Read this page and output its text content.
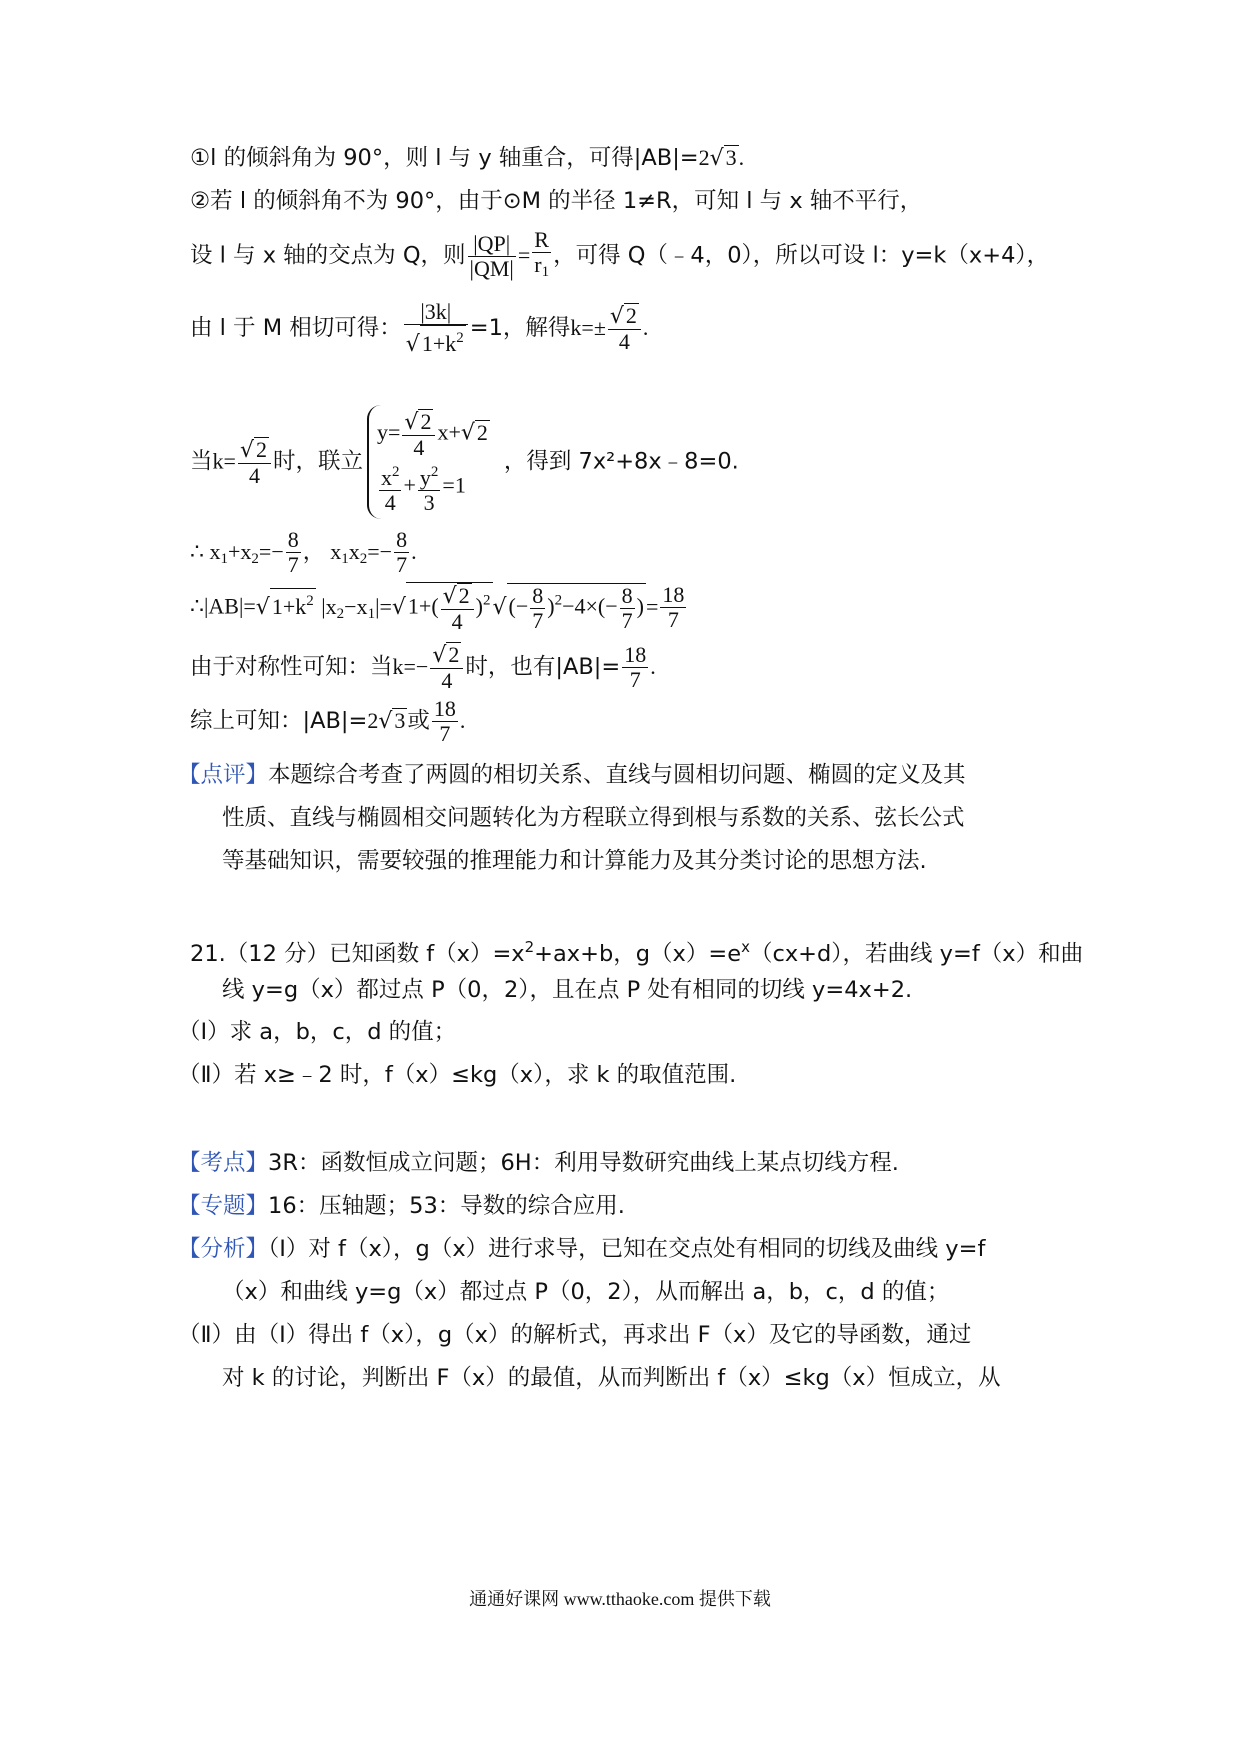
①l 的倾斜角为 90°，则 l 与 y 轴重合，可得|AB|=2√3.
②若 l 的倾斜角不为 90°，由于⊙M 的半径 1≠R，可知 l 与 x 轴不平行，
设 l 与 x 轴的交点为 Q，则 $\frac{|QP|}{|QM|} = \frac{R}{r_1}$ ，可得 Q（﹣4，0），所以可设 l：y=k（x+4），
由 l 于 M 相切可得： $\frac{|3k|}{√1+k^2} =1$，解得$k=\pm \frac{√2}{4}$ .
当$k= \frac{√2}{4}$ 时，联立
$y= \frac{√2}{4} x+√2$
$\frac{x^2}{4} + \frac{y^2}{3} =1$
，得到 7x²+8x﹣8=0.
∴ $x_1+x_2=- \frac{8}{7}$ ， $x_1x_2=- \frac{8}{7}$ .
$\therefore|AB|=√1+k^2$ $|x_2-x_1|=√1+( \frac{√2}{4} )^2√(- \frac{8}{7} )^2-4\times(- \frac{8}{7}$ )= $\frac{18}{7}$
由于对称性可知：当$k=- \frac{√2}{4}$ 时，也有$|AB|= \frac{18}{7}$ .
综上可知：|AB|=2√3或 $\frac{18}{7}$ .
【点评】本题综合考查了两圆的相切关系、直线与圆相切问题、椭圆的定义及其
性质、直线与椭圆相交问题转化为方程联立得到根与系数的关系、弦长公式
等基础知识，需要较强的推理能力和计算能力及其分类讨论的思想方法.
21.（12 分）已知函数 $f(x)=x^2+ax+b$，$g(x)=e^x(cx+d)$，若曲线 y=f（x）和曲
线 y=g（x）都过点 P（0，2），且在点 P 处有相同的切线 y=4x+2.
（Ⅰ）求 a，b，c，d 的值；
（Ⅱ）若 x≥﹣2 时，f（x）≤kg（x），求 k 的取值范围.
【考点】3R：函数恒成立问题；6H：利用导数研究曲线上某点切线方程.
【专题】16：压轴题；53：导数的综合应用.
【分析】（Ⅰ）对 f（x），g（x）进行求导，已知在交点处有相同的切线及曲线 y=f
（x）和曲线 y=g（x）都过点 P（0，2），从而解出 a，b，c，d 的值；
（Ⅱ）由（Ⅰ）得出 f（x），g（x）的解析式，再求出 F（x）及它的导函数，通过
对 k 的讨论，判断出 F（x）的最值，从而判断出 f（x）≤kg（x）恒成立，从
通通好课网 www.tthaoke.com 提供下载
